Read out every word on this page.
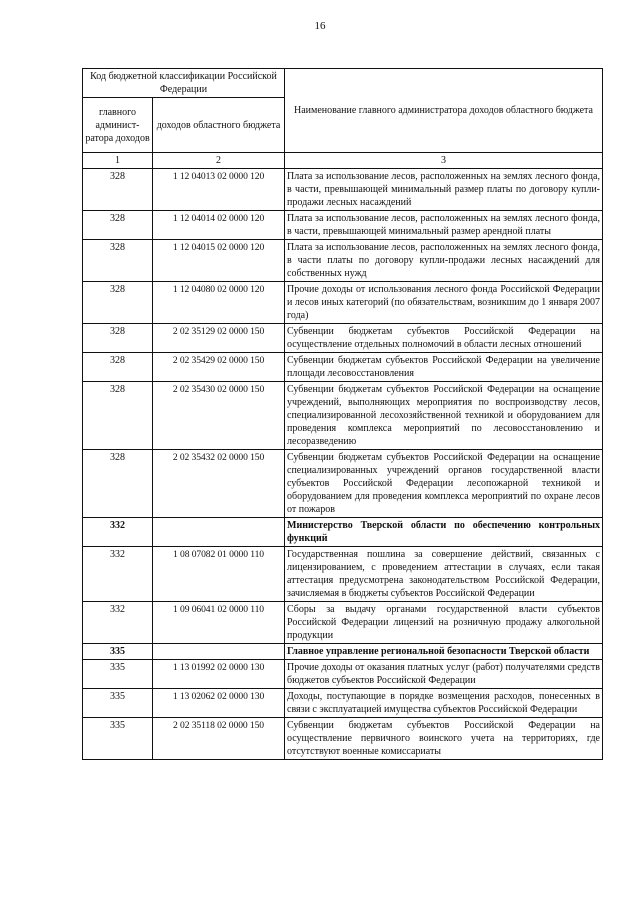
16
Код бюджетной классификации Российской Федерации		Наименование главного администратора доходов областного бюджета
главного админист-ратора доходов	доходов областного бюджета	
1	2	3
328	1 12 04013 02 0000 120	Плата за использование лесов, расположенных на землях лесного фонда, в части, превышающей минимальный размер платы по договору купли-продажи лесных насаждений
328	1 12 04014 02 0000 120	Плата за использование лесов, расположенных на землях лесного фонда, в части, превышающей минимальный размер арендной платы
328	1 12 04015 02 0000 120	Плата за использование лесов, расположенных на землях лесного фонда, в части платы по договору купли-продажи лесных насаждений для собственных нужд
328	1 12 04080 02 0000 120	Прочие доходы от использования лесного фонда Российской Федерации и лесов иных категорий (по обязательствам, возникшим до 1 января 2007 года)
328	2 02 35129 02 0000 150	Субвенции бюджетам субъектов Российской Федерации на осуществление отдельных полномочий в области лесных отношений
328	2 02 35429 02 0000 150	Субвенции бюджетам субъектов Российской Федерации на увеличение площади лесовосстановления
328	2 02 35430 02 0000 150	Субвенции бюджетам субъектов Российской Федерации на оснащение учреждений, выполняющих мероприятия по воспроизводству лесов, специализированной лесохозяйственной техникой и оборудованием для проведения комплекса мероприятий по лесовосстановлению и лесоразведению
328	2 02 35432 02 0000 150	Субвенции бюджетам субъектов Российской Федерации на оснащение специализированных учреждений органов государственной власти субъектов Российской Федерации лесопожарной техникой и оборудованием для проведения комплекса мероприятий по охране лесов от пожаров
332		Министерство Тверской области по обеспечению контрольных функций
332	1 08 07082 01 0000 110	Государственная пошлина за совершение действий, связанных с лицензированием, с проведением аттестации в случаях, если такая аттестация предусмотрена законодательством Российской Федерации, зачисляемая в бюджеты субъектов Российской Федерации
332	1 09 06041 02 0000 110	Сборы за выдачу органами государственной власти субъектов Российской Федерации лицензий на розничную продажу алкогольной продукции
335		Главное управление региональной безопасности Тверской области
335	1 13 01992 02 0000 130	Прочие доходы от оказания платных услуг (работ) получателями средств бюджетов субъектов Российской Федерации
335	1 13 02062 02 0000 130	Доходы, поступающие в порядке возмещения расходов, понесенных в связи с эксплуатацией имущества субъектов Российской Федерации
335	2 02 35118 02 0000 150	Субвенции бюджетам субъектов Российской Федерации на осуществление первичного воинского учета на территориях, где отсутствуют военные комиссариаты
